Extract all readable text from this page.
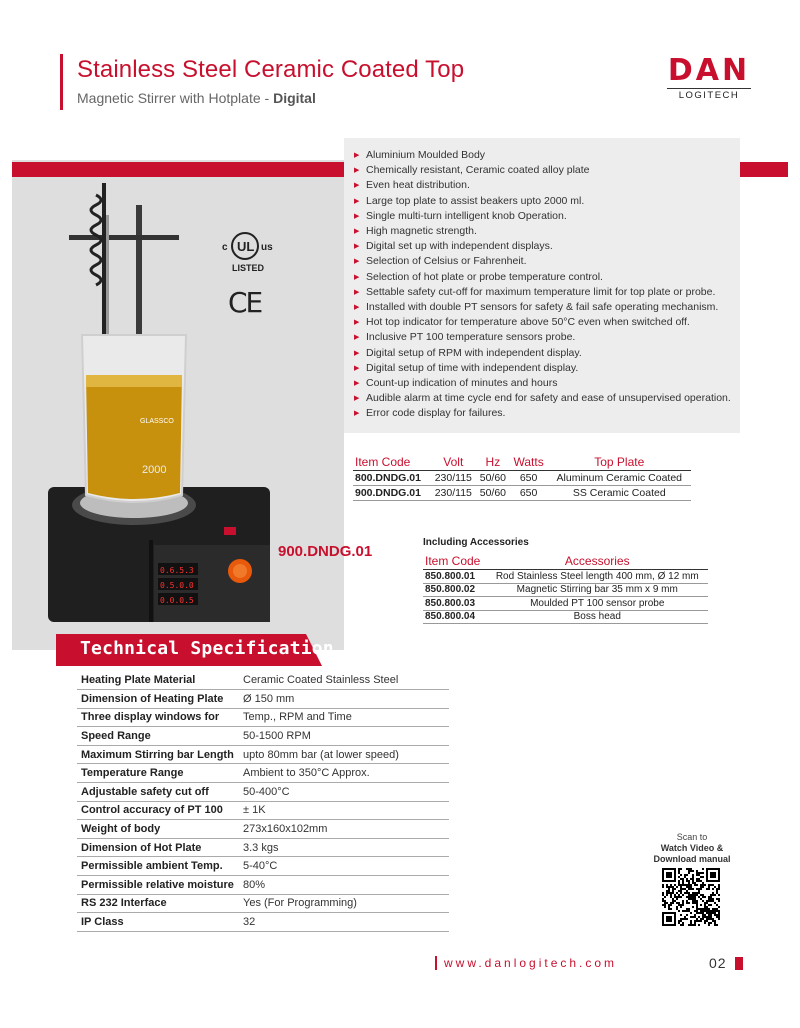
Stainless Steel Ceramic Coated Top
Magnetic Stirrer with Hotplate - Digital
DAN
LOGITECH
▶ Aluminium Moulded Body
▶ Chemically resistant, Ceramic coated alloy plate
▶ Even heat distribution.
▶ Large top plate to assist beakers upto 2000 ml.
▶ Single multi-turn intelligent knob Operation.
▶ High magnetic strength.
▶ Digital set up with independent displays.
▶ Selection of Celsius or Fahrenheit.
▶ Selection of hot plate or probe temperature control.
▶ Settable safety cut-off for maximum temperature limit for top plate or probe.
▶ Installed with double PT sensors for safety & fail safe operating mechanism.
▶ Hot top indicator for temperature above 50°C even when switched off.
▶ Inclusive PT 100 temperature sensors probe.
▶ Digital setup of RPM with independent display.
▶ Digital setup of time with independent display.
▶ Count-up indication of minutes and hours
▶ Audible alarm at time cycle end for safety and ease of unsupervised operation.
▶ Error code display for failures.
GLASSCO
2000
0.6.5.3
0.5.0.0
0.0.0.5
c UL us
LISTED
CE
900.DNDG.01
Item Code	Volt	Hz	Watts	Top Plate
800.DNDG.01	230/115	50/60	650	Aluminum Ceramic Coated
900.DNDG.01	230/115	50/60	650	SS Ceramic Coated
Including Accessories
Item Code	Accessories
850.800.01	Rod Stainless Steel length 400 mm, Ø 12 mm
850.800.02	Magnetic Stirring bar 35 mm x 9 mm
850.800.03	Moulded PT 100 sensor probe
850.800.04	Boss head
Technical Specification
Heating Plate Material	Ceramic Coated Stainless Steel
Dimension of Heating Plate	Ø 150 mm
Three display windows for	Temp., RPM and Time
Speed Range	50-1500 RPM
Maximum Stirring bar Length	upto 80mm bar (at lower speed)
Temperature Range	Ambient to 350°C Approx.
Adjustable safety cut off	50-400°C
Control accuracy of PT 100	± 1K
Weight of body	273x160x102mm
Dimension of Hot Plate	3.3 kgs
Permissible ambient Temp.	5-40°C
Permissible relative moisture	80%
RS 232 Interface	Yes (For Programming)
IP Class	32
Scan to
Watch Video &
Download manual
www.danlogitech.com	02
